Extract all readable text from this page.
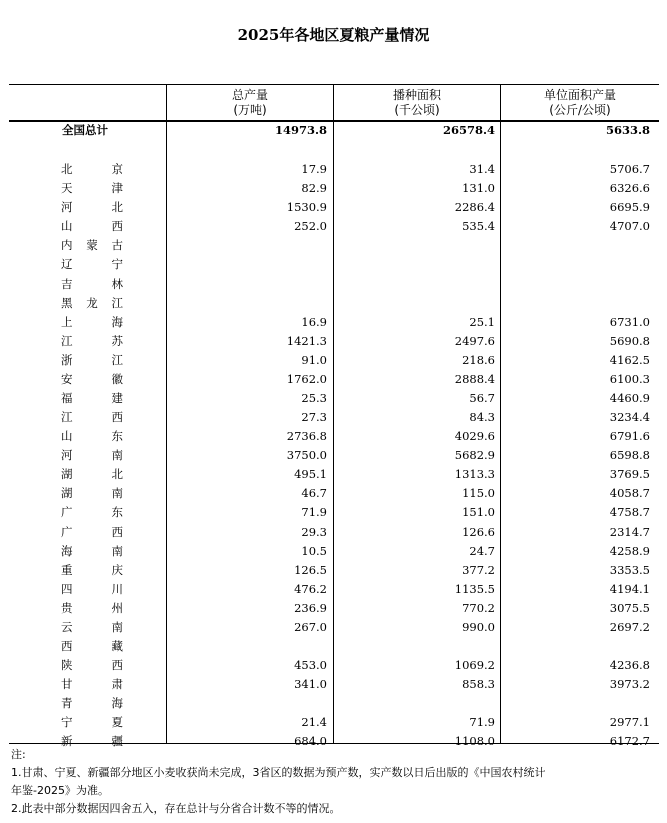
2025年各地区夏粮产量情况
总产量
(万吨)
播种面积
(千公顷)
单位面积产量
(公斤/公顷)
全国总计	14973.8	26578.4	5633.8
北	京	17.9	31.4	5706.7
天	津	82.9	131.0	6326.6
河	北	1530.9	2286.4	6695.9
山	西	252.0	535.4	4707.0
内 蒙 古
辽	宁
吉	林
黑 龙 江
上	海	16.9	25.1	6731.0
江	苏	1421.3	2497.6	5690.8
浙	江	91.0	218.6	4162.5
安	徽	1762.0	2888.4	6100.3
福	建	25.3	56.7	4460.9
江	西	27.3	84.3	3234.4
山	东	2736.8	4029.6	6791.6
河	南	3750.0	5682.9	6598.8
湖	北	495.1	1313.3	3769.5
湖	南	46.7	115.0	4058.7
广	东	71.9	151.0	4758.7
广	西	29.3	126.6	2314.7
海	南	10.5	24.7	4258.9
重	庆	126.5	377.2	3353.5
四	川	476.2	1135.5	4194.1
贵	州	236.9	770.2	3075.5
云	南	267.0	990.0	2697.2
西	藏
陕	西	453.0	1069.2	4236.8
甘	肃	341.0	858.3	3973.2
青	海
宁	夏	21.4	71.9	2977.1
新	疆	684.0	1108.0	6172.7
注:
1.甘肃、宁夏、新疆部分地区小麦收获尚未完成，3省区的数据为预产数，实产数以日后出版的《中国农村统计
年鉴-2025》为准。
2.此表中部分数据因四舍五入，存在总计与分省合计数不等的情况。
